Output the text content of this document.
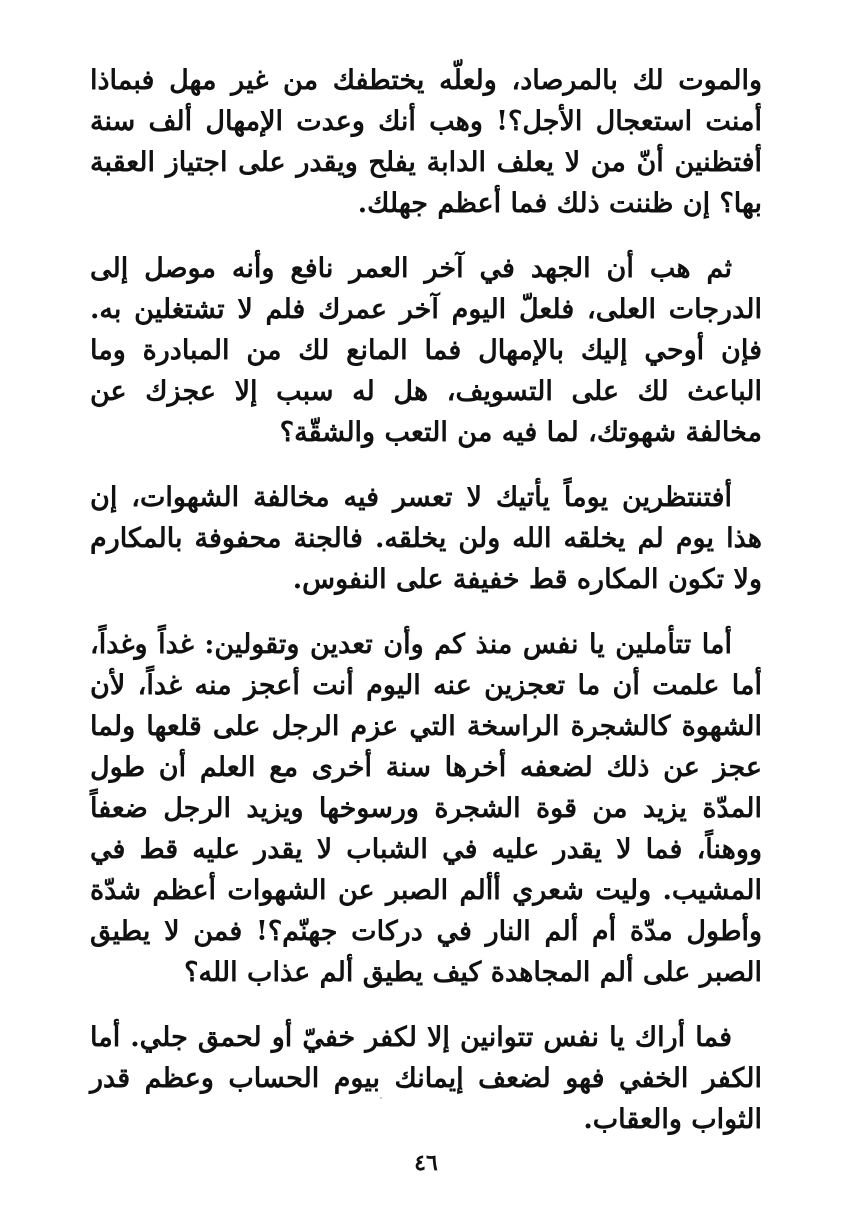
والموت لك بالمرصاد، ولعلّه يختطفك من غير مهل فبماذا أمنت استعجال الأجل؟! وهب أنك وعدت الإمهال ألف سنة أفتظنين أنّ من لا يعلف الدابة يفلح ويقدر على اجتياز العقبة بها؟ إن ظننت ذلك فما أعظم جهلك.

ثم هب أن الجهد في آخر العمر نافع وأنه موصل إلى الدرجات العلى، فلعلّ اليوم آخر عمرك فلم لا تشتغلين به. فإن أوحي إليك بالإمهال فما المانع لك من المبادرة وما الباعث لك على التسويف، هل له سبب إلا عجزك عن مخالفة شهوتك، لما فيه من التعب والشقّة؟

أفتنتظرين يوماً يأتيك لا تعسر فيه مخالفة الشهوات، إن هذا يوم لم يخلقه الله ولن يخلقه. فالجنة محفوفة بالمكارم ولا تكون المكاره قط خفيفة على النفوس.

أما تتأملين يا نفس منذ كم وأن تعدين وتقولين: غداً وغداً، أما علمت أن ما تعجزين عنه اليوم أنت أعجز منه غداً، لأن الشهوة كالشجرة الراسخة التي عزم الرجل على قلعها ولما عجز عن ذلك لضعفه أخرها سنة أخرى مع العلم أن طول المدّة يزيد من قوة الشجرة ورسوخها ويزيد الرجل ضعفاً ووهناً، فما لا يقدر عليه في الشباب لا يقدر عليه قط في المشيب. وليت شعري أألم الصبر عن الشهوات أعظم شدّة وأطول مدّة أم ألم النار في دركات جهنّم؟! فمن لا يطيق الصبر على ألم المجاهدة كيف يطيق ألم عذاب الله؟

فما أراك يا نفس تتوانين إلا لكفر خفيّ أو لحمق جلي. أما الكفر الخفي فهو لضعف إيمانك بيوم الحساب وعظم قدر الثواب والعقاب.

٤٦
